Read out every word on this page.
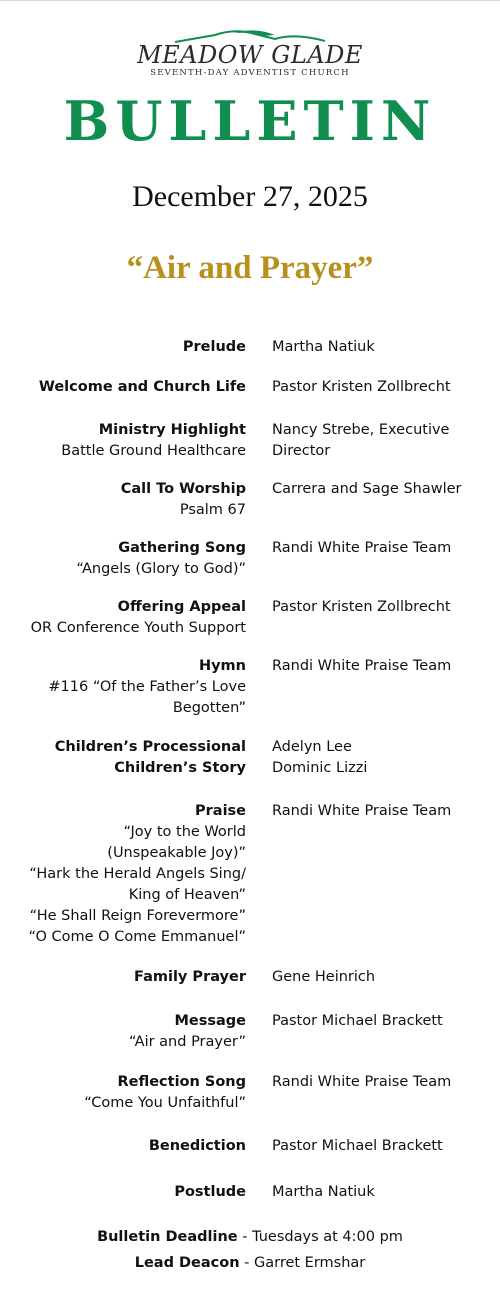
MEADOW GLADE
SEVENTH-DAY ADVENTIST CHURCH
BULLETIN
December 27, 2025
“Air and Prayer”
Prelude Martha Natiuk
Welcome and Church Life Pastor Kristen Zollbrecht
Ministry Highlight
Battle Ground Healthcare
Nancy Strebe, Executive
Director
Call To Worship
Psalm 67
Carrera and Sage Shawler
Gathering Song
“Angels (Glory to God)”
Randi White Praise Team
Offering Appeal
OR Conference Youth Support
Pastor Kristen Zollbrecht
Hymn
#116 “Of the Father’s Love
Begotten”
Randi White Praise Team
Children’s Processional
Children’s Story
Adelyn Lee
Dominic Lizzi
Praise
“Joy to the World
(Unspeakable Joy)”
“Hark the Herald Angels Sing/
King of Heaven”
“He Shall Reign Forevermore”
“O Come O Come Emmanuel”
Randi White Praise Team
Family Prayer Gene Heinrich
Message
“Air and Prayer”
Pastor Michael Brackett
Reflection Song
“Come You Unfaithful”
Randi White Praise Team
Benediction Pastor Michael Brackett
Postlude Martha Natiuk
Bulletin Deadline - Tuesdays at 4:00 pm
Lead Deacon - Garret Ermshar
